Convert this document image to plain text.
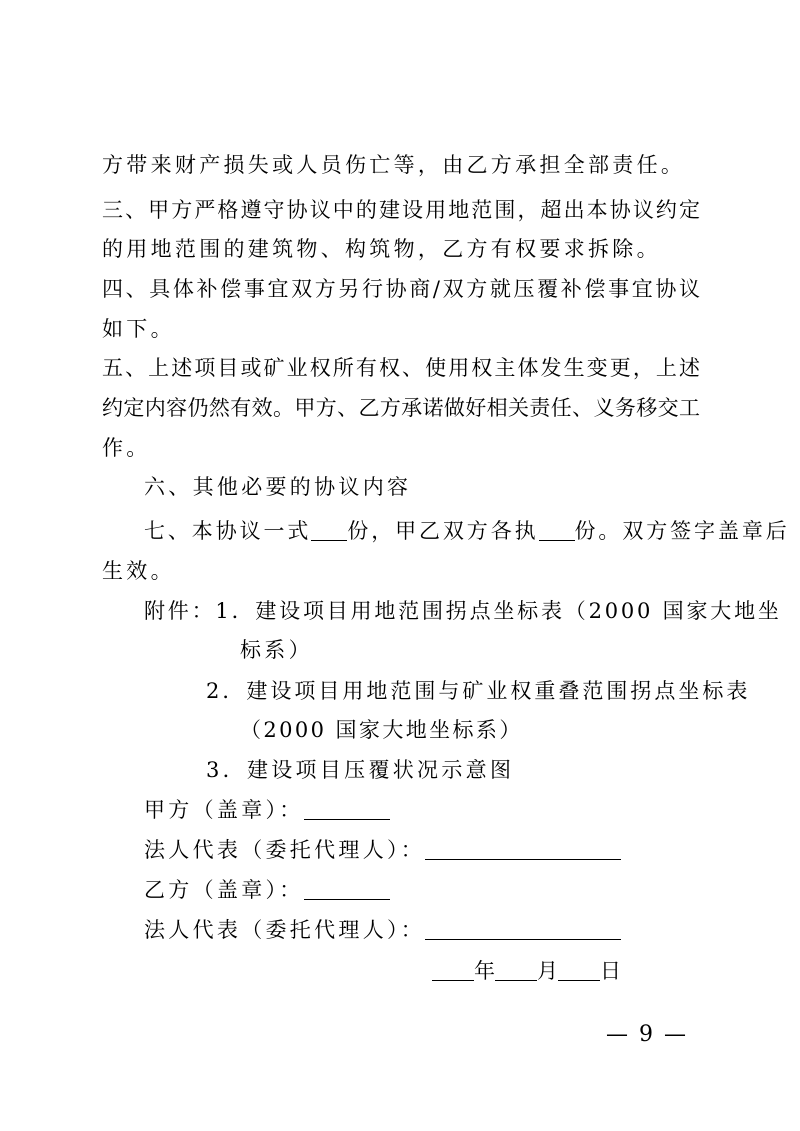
方带来财产损失或人员伤亡等，由乙方承担全部责任。
三、甲方严格遵守协议中的建设用地范围，超出本协议约定
的用地范围的建筑物、构筑物，乙方有权要求拆除。
四、具体补偿事宜双方另行协商/双方就压覆补偿事宜协议
如下。
五、上述项目或矿业权所有权、使用权主体发生变更，上述
约定内容仍然有效。甲方、乙方承诺做好相关责任、义务移交工
作。
六、其他必要的协议内容
七、本协议一式 份，甲乙双方各执 份。双方签字盖章后
生效。
附件：1．建设项目用地范围拐点坐标表（2000 国家大地坐
标系）
2．建设项目用地范围与矿业权重叠范围拐点坐标表
（2000 国家大地坐标系）
3．建设项目压覆状况示意图
甲方（盖章）：
法人代表（委托代理人）：
乙方（盖章）：
法人代表（委托代理人）：
年 月 日
— 9 —
